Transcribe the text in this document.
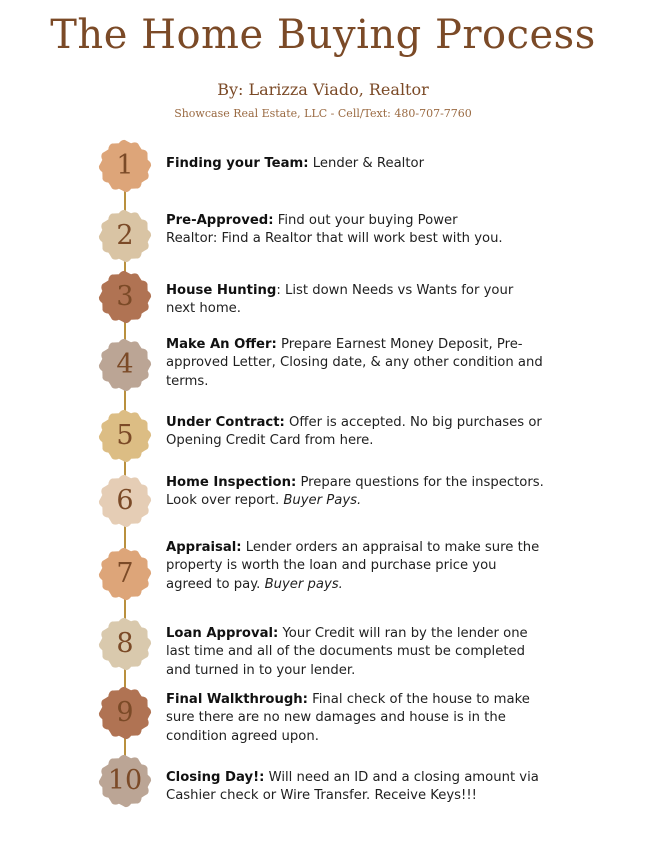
The Home Buying Process
By: Larizza Viado, Realtor
Showcase Real Estate, LLC - Cell/Text: 480-707-7760
1	Finding your Team: Lender & Realtor
2	Pre-Approved: Find out your buying Power
Realtor: Find a Realtor that will work best with you.
3	House Hunting: List down Needs vs Wants for your next home.
4
Make An Offer: Prepare Earnest Money Deposit, Pre-approved Letter, Closing date, & any other condition and terms.
5	Under Contract: Offer is accepted. No big purchases or Opening Credit Card from here.
6
Home Inspection: Prepare questions for the inspectors. Look over report. Buyer Pays.
7
Appraisal: Lender orders an appraisal to make sure the property is worth the loan and purchase price you agreed to pay. Buyer pays.
8	Loan Approval: Your Credit will ran by the lender one last time and all of the documents must be completed and turned in to your lender.
9	Final Walkthrough: Final check of the house to make sure there are no new damages and house is in the condition agreed upon.
10	Closing Day!: Will need an ID and a closing amount via Cashier check or Wire Transfer. Receive Keys!!!
